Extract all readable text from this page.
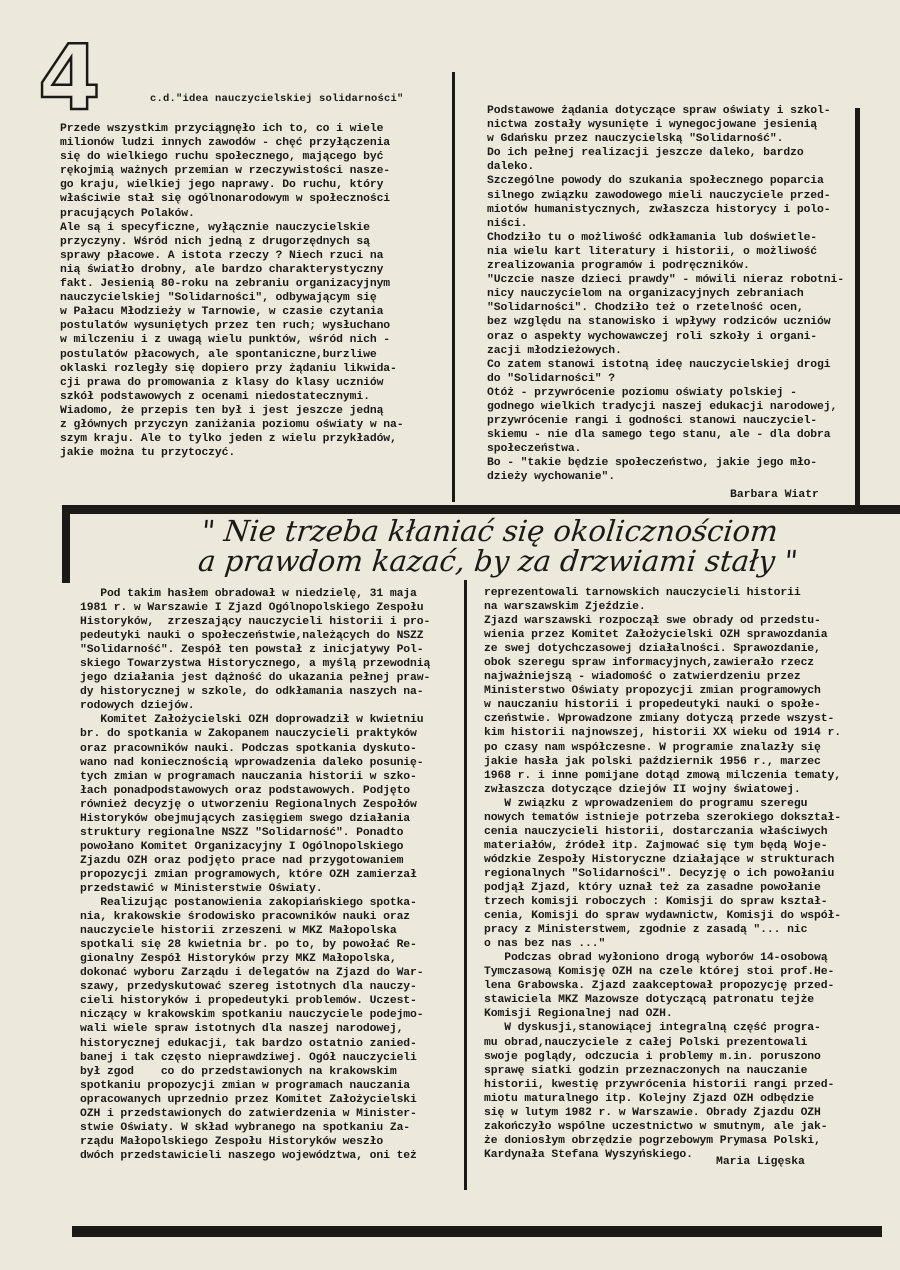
4	c.d."idea nauczycielskiej solidarności"
Przede wszystkim przyciągnęło ich to, co i wiele
milionów ludzi innych zawodów - chęć przyłączenia
się do wielkiego ruchu społecznego, mającego być
rękojmią ważnych przemian w rzeczywistości nasze-
go kraju, wielkiej jego naprawy. Do ruchu, który
właściwie stał się ogólnonarodowym w społeczności
pracujących Polaków.
Ale są i specyficzne, wyłącznie nauczycielskie
przyczyny. Wśród nich jedną z drugorzędnych są
sprawy płacowe. A istota rzeczy ? Niech rzuci na
nią światło drobny, ale bardzo charakterystyczny
fakt. Jesienią 80-roku na zebraniu organizacyjnym
nauczycielskiej "Solidarności", odbywającym się
w Pałacu Młodzieży w Tarnowie, w czasie czytania
postulatów wysuniętych przez ten ruch; wysłuchano
w milczeniu i z uwagą wielu punktów, wśród nich -
postulatów płacowych, ale spontaniczne,burzliwe
oklaski rozległy się dopiero przy żądaniu likwida-
cji prawa do promowania z klasy do klasy uczniów
szkół podstawowych z ocenami niedostatecznymi.
Wiadomo, że przepis ten był i jest jeszcze jedną
z głównych przyczyn zaniżania poziomu oświaty w na-
szym kraju. Ale to tylko jeden z wielu przykładów,
jakie można tu przytoczyć.
Podstawowe żądania dotyczące spraw oświaty i szkol-
nictwa zostały wysunięte i wynegocjowane jesienią
w Gdańsku przez nauczycielską "Solidarność".
Do ich pełnej realizacji jeszcze daleko, bardzo
daleko.
Szczególne powody do szukania społecznego poparcia
silnego związku zawodowego mieli nauczyciele przed-
miotów humanistycznych, zwłaszcza historycy i polo-
niści.
Chodziło tu o możliwość odkłamania lub doświetle-
nia wielu kart literatury i historii, o możliwość
zrealizowania programów i podręczników.
"Uczcie nasze dzieci prawdy" - mówili nieraz robotni-
nicy nauczycielom na organizacyjnych zebraniach
"Solidarności". Chodziło też o rzetelność ocen,
bez względu na stanowisko i wpływy rodziców uczniów
oraz o aspekty wychowawczej roli szkoły i organi-
zacji młodzieżowych.
Co zatem stanowi istotną ideę nauczycielskiej drogi
do "Solidarności" ?
Otóż - przywrócenie poziomu oświaty polskiej -
godnego wielkich tradycji naszej edukacji narodowej,
przywrócenie rangi i godności stanowi nauczyciel-
skiemu - nie dla samego tego stanu, ale - dla dobra
społeczeństwa.
Bo - "takie będzie społeczeństwo, jakie jego mło-
dzieży wychowanie".
Barbara Wiatr
" Nie trzeba kłaniać się okolicznościom
a prawdom kazać, by za drzwiami stały "
Pod takim hasłem obradował w niedzielę, 31 maja
1981 r. w Warszawie I Zjazd Ogólnopolskiego Zespołu
Historyków,  zrzeszający nauczycieli historii i pro-
pedeutyki nauki o społeczeństwie,należących do NSZZ
"Solidarność". Zespół ten powstał z inicjatywy Pol-
skiego Towarzystwa Historycznego, a myślą przewodnią
jego działania jest dążność do ukazania pełnej praw-
dy historycznej w szkole, do odkłamania naszych na-
rodowych dziejów.
Komitet Założycielski OZH doprowadził w kwietniu
br. do spotkania w Zakopanem nauczycieli praktyków
oraz pracowników nauki. Podczas spotkania dyskuto-
wano nad koniecznością wprowadzenia daleko posunię-
tych zmian w programach nauczania historii w szko-
łach ponadpodstawowych oraz podstawowych. Podjęto
również decyzję o utworzeniu Regionalnych Zespołów
Historyków obejmujących zasięgiem swego działania
struktury regionalne NSZZ "Solidarność". Ponadto
powołano Komitet Organizacyjny I Ogólnopolskiego
Zjazdu OZH oraz podjęto prace nad przygotowaniem
propozycji zmian programowych, które OZH zamierzał
przedstawić w Ministerstwie Oświaty.
Realizując postanowienia zakopiańskiego spotka-
nia, krakowskie środowisko pracowników nauki oraz
nauczyciele historii zrzeszeni w MKZ Małopolska
spotkali się 28 kwietnia br. po to, by powołać Re-
gionalny Zespół Historyków przy MKZ Małopolska,
dokonać wyboru Zarządu i delegatów na Zjazd do War-
szawy, przedyskutować szereg istotnych dla nauczy-
cieli historyków i propedeutyki problemów. Uczest-
niczący w krakowskim spotkaniu nauczyciele podejmo-
wali wiele spraw istotnych dla naszej narodowej,
historycznej edukacji, tak bardzo ostatnio zanied-
banej i tak często nieprawdziwej. Ogół nauczycieli
był zgod    co do przedstawionych na krakowskim
spotkaniu propozycji zmian w programach nauczania
opracowanych uprzednio przez Komitet Założycielski
OZH i przedstawionych do zatwierdzenia w Minister-
stwie Oświaty. W skład wybranego na spotkaniu Za-
rządu Małopolskiego Zespołu Historyków weszło
dwóch przedstawicieli naszego województwa, oni też
reprezentowali tarnowskich nauczycieli historii
na warszawskim Zjeździe.
Zjazd warszawski rozpoczął swe obrady od przedstu-
wienia przez Komitet Założycielski OZH sprawozdania
ze swej dotychczasowej działalności. Sprawozdanie,
obok szeregu spraw informacyjnych,zawierało rzecz
najważniejszą - wiadomość o zatwierdzeniu przez
Ministerstwo Oświaty propozycji zmian programowych
w nauczaniu historii i propedeutyki nauki o społe-
czeństwie. Wprowadzone zmiany dotyczą przede wszyst-
kim historii najnowszej, historii XX wieku od 1914 r.
po czasy nam współczesne. W programie znalazły się
jakie hasła jak polski październik 1956 r., marzec
1968 r. i inne pomijane dotąd zmową milczenia tematy,
zwłaszcza dotyczące dziejów II wojny światowej.
W związku z wprowadzeniem do programu szeregu
nowych tematów istnieje potrzeba szerokiego dokształ-
cenia nauczycieli historii, dostarczania właściwych
materiałów, źródeł itp. Zajmować się tym będą Woje-
wódzkie Zespoły Historyczne działające w strukturach
regionalnych "Solidarności". Decyzję o ich powołaniu
podjął Zjazd, który uznał też za zasadne powołanie
trzech komisji roboczych : Komisji do spraw kształ-
cenia, Komisji do spraw wydawnictw, Komisji do współ-
pracy z Ministerstwem, zgodnie z zasadą "... nic
o nas bez nas ..."
Podczas obrad wyłoniono drogą wyborów 14-osobową
Tymczasową Komisję OZH na czele której stoi prof.He-
lena Grabowska. Zjazd zaakceptował propozycję przed-
stawiciela MKZ Mazowsze dotyczącą patronatu tejże
Komisji Regionalnej nad OZH.
W dyskusji,stanowiącej integralną część progra-
mu obrad,nauczyciele z całej Polski prezentowali
swoje poglądy, odczucia i problemy m.in. poruszono
sprawę siatki godzin przeznaczonych na nauczanie
historii, kwestię przywrócenia historii rangi przed-
miotu maturalnego itp. Kolejny Zjazd OZH odbędzie
się w lutym 1982 r. w Warszawie. Obrady Zjazdu OZH
zakończyło wspólne uczestnictwo w smutnym, ale jak-
że doniosłym obrzędzie pogrzebowym Prymasa Polski,
Kardynała Stefana Wyszyńskiego.
Maria Ligęska
